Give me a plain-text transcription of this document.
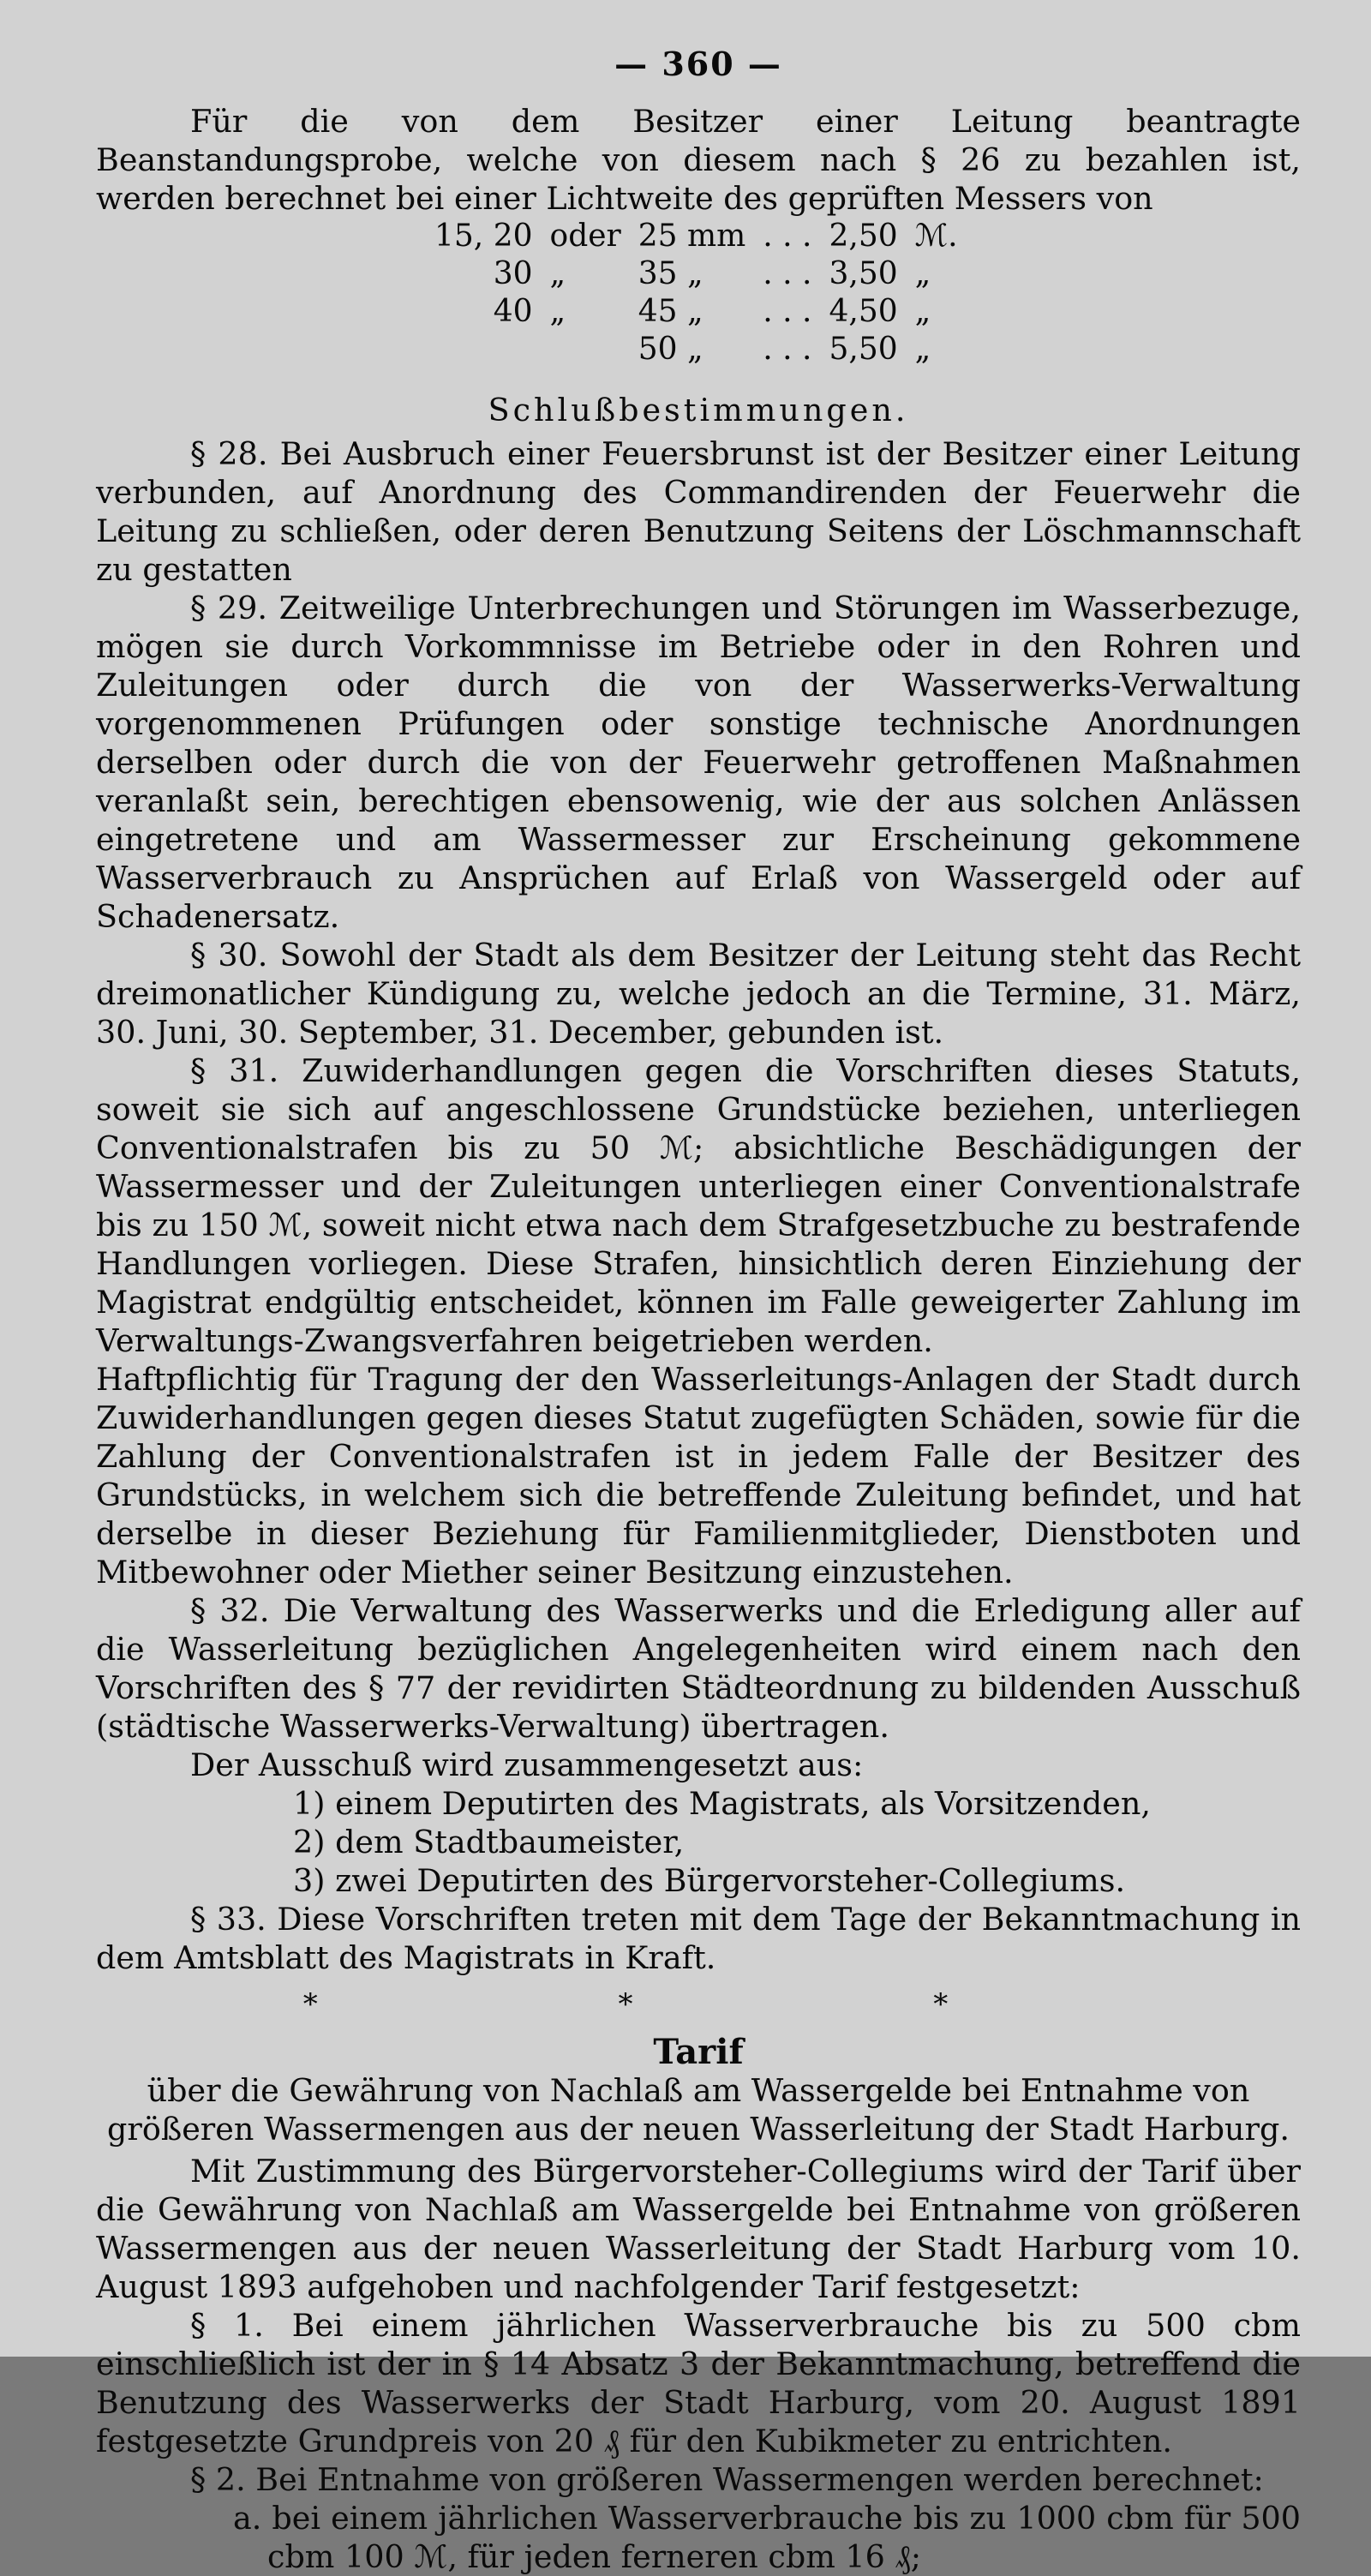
— 360 —

Für die von dem Besitzer einer Leitung beantragte Beanstandungsprobe, welche von diesem nach § 26 zu bezahlen ist, werden berechnet bei einer Lichtweite des geprüften Messers von

15, 20	oder	25 mm	. . .	2,50	ℳ.
30	„	35 „	. . .	3,50	„
40	„	45 „	. . .	4,50	„
		50 „	. . .	5,50	„
Schlußbestimmungen.

§ 28. Bei Ausbruch einer Feuersbrunst ist der Besitzer einer Leitung verbunden, auf Anordnung des Commandirenden der Feuerwehr die Leitung zu schließen, oder deren Benutzung Seitens der Löschmannschaft zu gestatten

§ 29. Zeitweilige Unterbrechungen und Störungen im Wasserbezuge, mögen sie durch Vorkommnisse im Betriebe oder in den Rohren und Zuleitungen oder durch die von der Wasserwerks-Verwaltung vorgenommenen Prüfungen oder sonstige technische Anordnungen derselben oder durch die von der Feuerwehr getroffenen Maßnahmen veranlaßt sein, berechtigen ebensowenig, wie der aus solchen Anlässen eingetretene und am Wassermesser zur Erscheinung gekommene Wasserverbrauch zu Ansprüchen auf Erlaß von Wassergeld oder auf Schadenersatz.

§ 30. Sowohl der Stadt als dem Besitzer der Leitung steht das Recht dreimonatlicher Kündigung zu, welche jedoch an die Termine, 31. März, 30. Juni, 30. September, 31. December, gebunden ist.

§ 31. Zuwiderhandlungen gegen die Vorschriften dieses Statuts, soweit sie sich auf angeschlossene Grundstücke beziehen, unterliegen Conventionalstrafen bis zu 50 ℳ; absichtliche Beschädigungen der Wassermesser und der Zuleitungen unterliegen einer Conventionalstrafe bis zu 150 ℳ, soweit nicht etwa nach dem Strafgesetzbuche zu bestrafende Handlungen vorliegen. Diese Strafen, hinsichtlich deren Einziehung der Magistrat endgültig entscheidet, können im Falle geweigerter Zahlung im Verwaltungs-Zwangsverfahren beigetrieben werden.

Haftpflichtig für Tragung der den Wasserleitungs-Anlagen der Stadt durch Zuwiderhandlungen gegen dieses Statut zugefügten Schäden, sowie für die Zahlung der Conventionalstrafen ist in jedem Falle der Besitzer des Grundstücks, in welchem sich die betreffende Zuleitung befindet, und hat derselbe in dieser Beziehung für Familienmitglieder, Dienstboten und Mitbewohner oder Miether seiner Besitzung einzustehen.

§ 32. Die Verwaltung des Wasserwerks und die Erledigung aller auf die Wasserleitung bezüglichen Angelegenheiten wird einem nach den Vorschriften des § 77 der revidirten Städteordnung zu bildenden Ausschuß (städtische Wasserwerks-Verwaltung) übertragen.

Der Ausschuß wird zusammengesetzt aus:

1) einem Deputirten des Magistrats, als Vorsitzenden,
2) dem Stadtbaumeister,
3) zwei Deputirten des Bürgervorsteher-Collegiums.

§ 33. Diese Vorschriften treten mit dem Tage der Bekanntmachung in dem Amtsblatt des Magistrats in Kraft.

* * *
Tarif
über die Gewährung von Nachlaß am Wassergelde bei Entnahme von größeren Wassermengen aus der neuen Wasserleitung der Stadt Harburg.

Mit Zustimmung des Bürgervorsteher-Collegiums wird der Tarif über die Gewährung von Nachlaß am Wassergelde bei Entnahme von größeren Wassermengen aus der neuen Wasserleitung der Stadt Harburg vom 10. August 1893 aufgehoben und nachfolgender Tarif festgesetzt:

§ 1. Bei einem jährlichen Wasserverbrauche bis zu 500 cbm einschließlich ist der in § 14 Absatz 3 der Bekanntmachung, betreffend die Benutzung des Wasserwerks der Stadt Harburg, vom 20. August 1891 festgesetzte Grundpreis von 20 ₰ für den Kubikmeter zu entrichten.

§ 2. Bei Entnahme von größeren Wassermengen werden berechnet:

a. bei einem jährlichen Wasserverbrauche bis zu 1000 cbm für 500 cbm 100 ℳ, für jeden ferneren cbm 16 ₰;
